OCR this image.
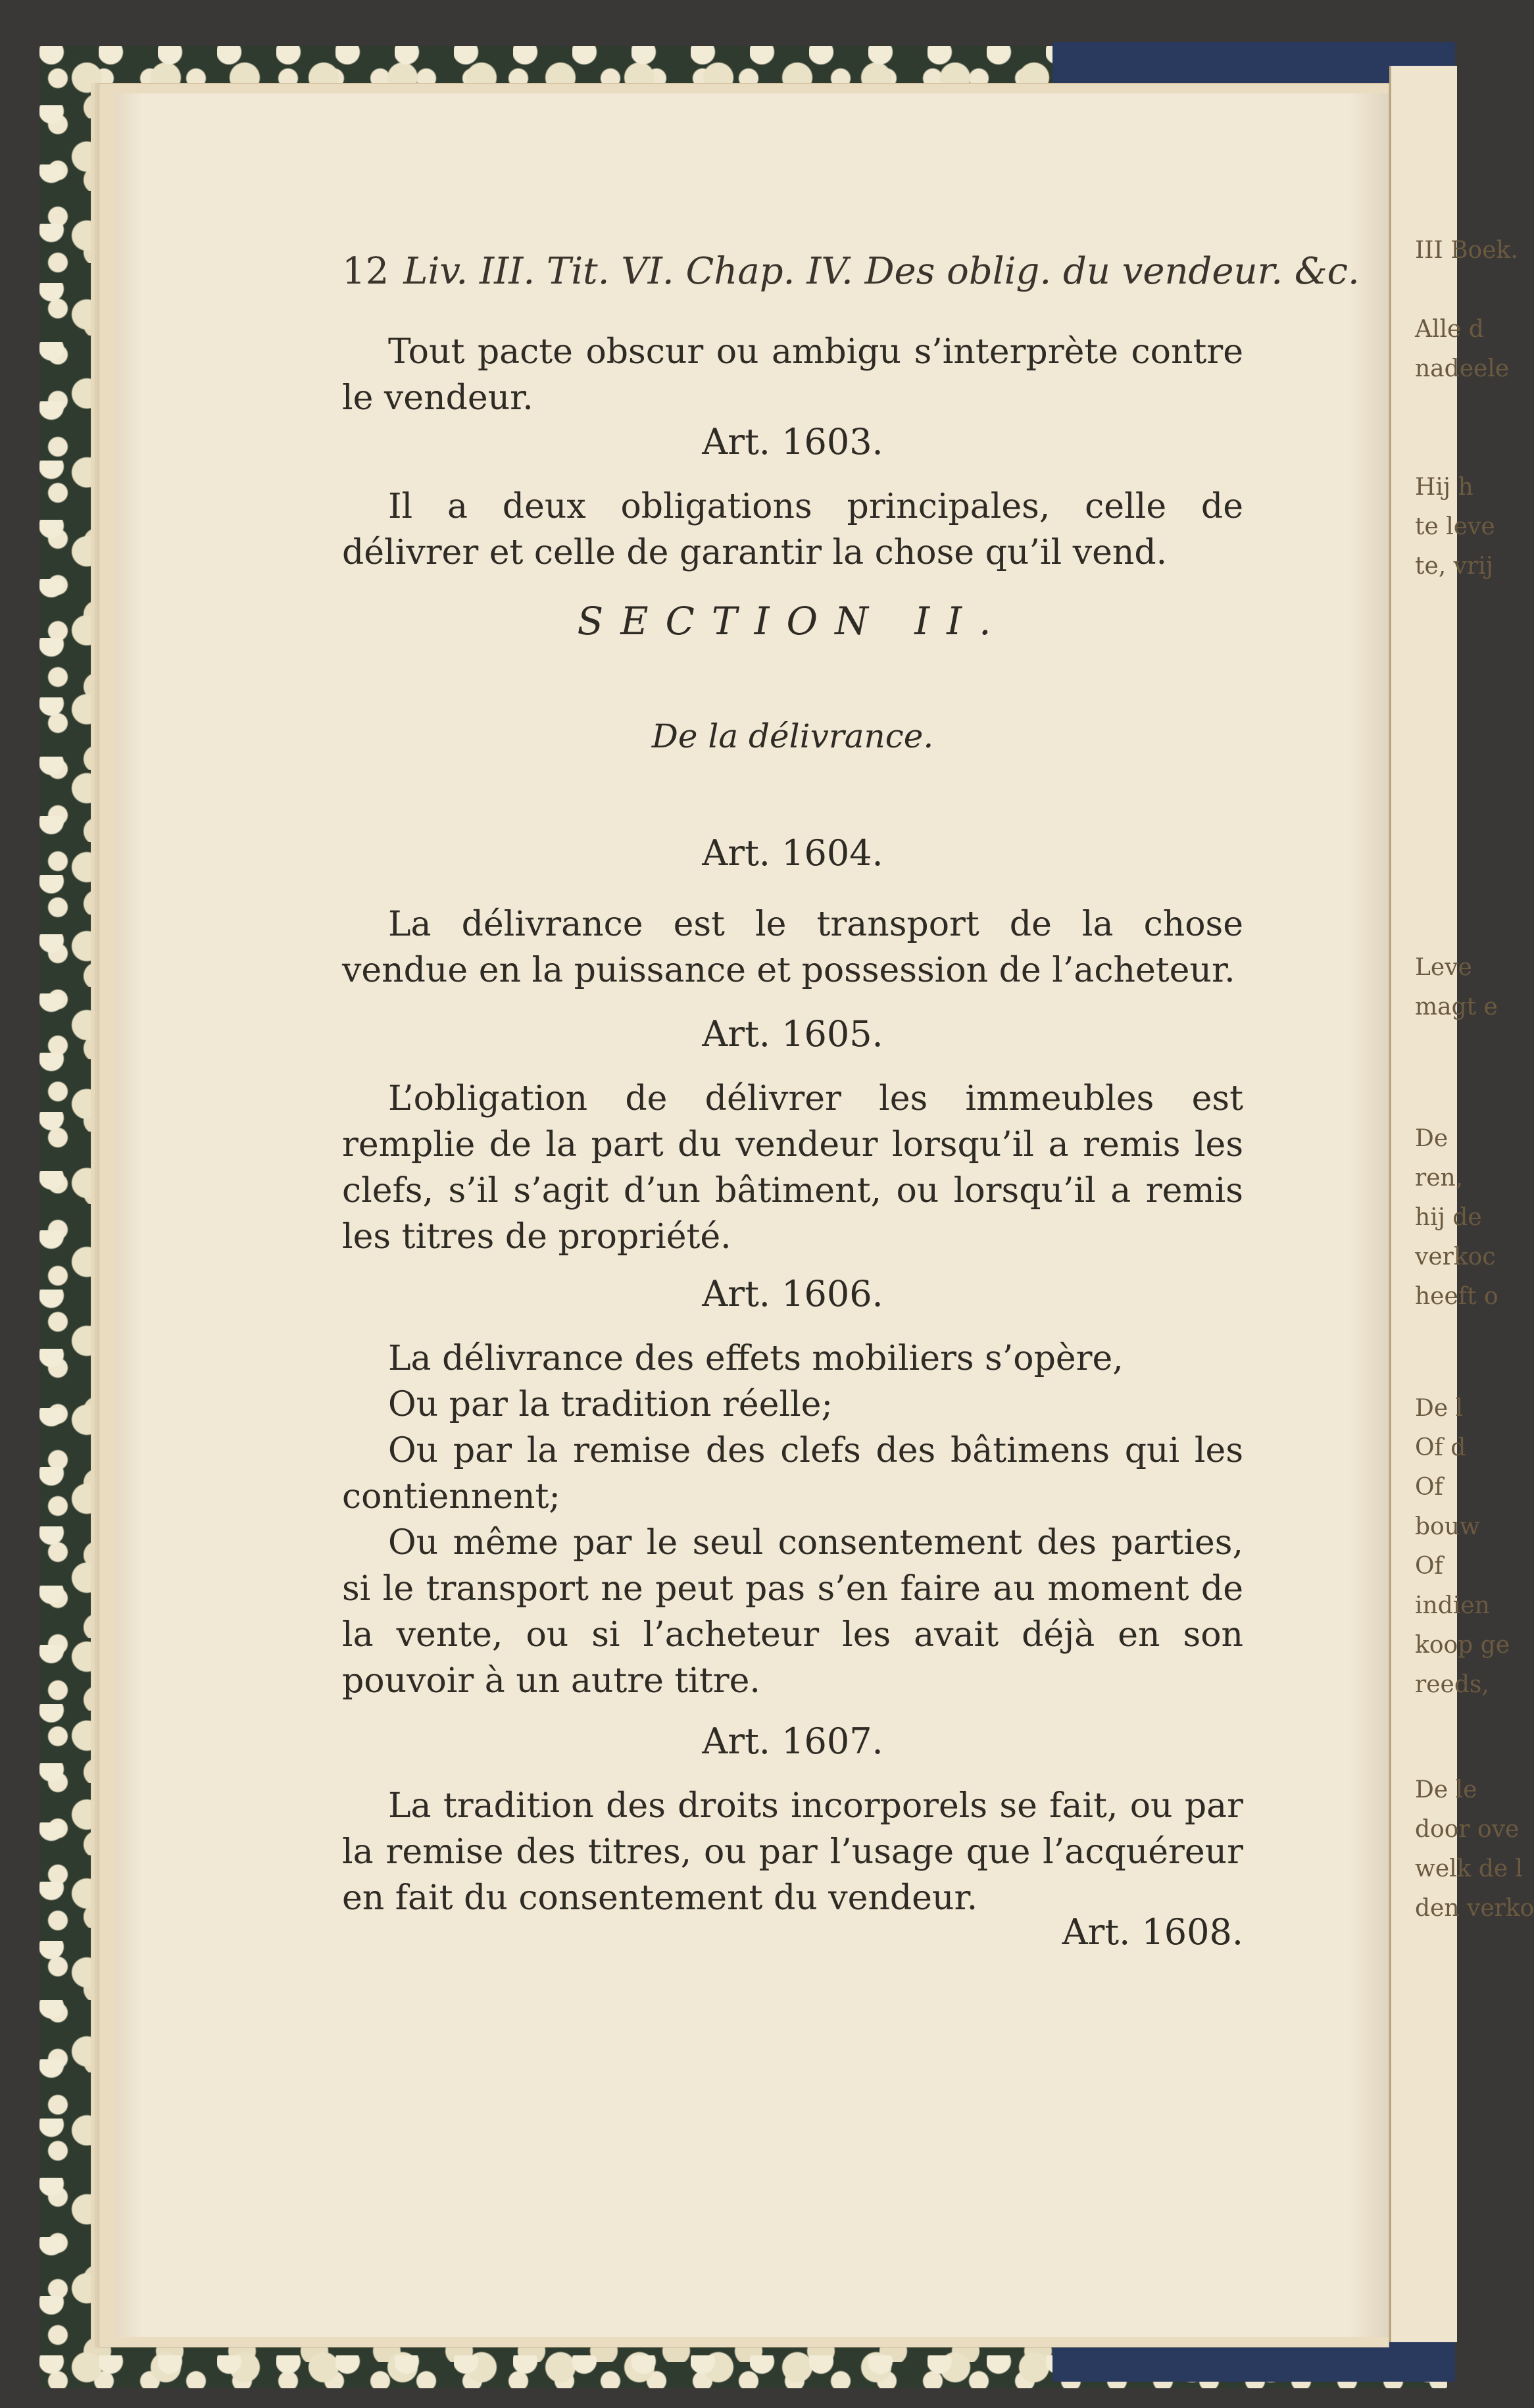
III Boek.
Alle d
nadeele
Hij h
te leve
te, vrij
Leve
magt e
De
ren,
hij de
verkoc
heeft o
De l
Of d
Of
bouw
Of
indien
koop ge
reeds,
De le
door ove
welk de l
den verko
12 Liv. III. Tit. VI. Chap. IV. Des oblig. du vendeur. &c.

Tout pacte obscur ou ambigu s’interprète contre le vendeur.

Art. 1603.

Il a deux obligations principales, celle de délivrer et celle de garantir la chose qu’il vend.

SECTION II.
De la délivrance.
Art. 1604.

La délivrance est le transport de la chose vendue en la puissance et possession de l’acheteur.

Art. 1605.

L’obligation de délivrer les immeubles est remplie de la part du vendeur lorsqu’il a remis les clefs, s’il s’agit d’un bâtiment, ou lorsqu’il a remis les titres de propriété.

Art. 1606.

La délivrance des effets mobiliers s’opère,

Ou par la tradition réelle;

Ou par la remise des clefs des bâtimens qui les contiennent;

Ou même par le seul consentement des parties, si le transport ne peut pas s’en faire au moment de la vente, ou si l’acheteur les avait déjà en son pouvoir à un autre titre.

Art. 1607.

La tradition des droits incorporels se fait, ou par la remise des titres, ou par l’usage que l’acquéreur en fait du consentement du vendeur.

Art. 1608.
